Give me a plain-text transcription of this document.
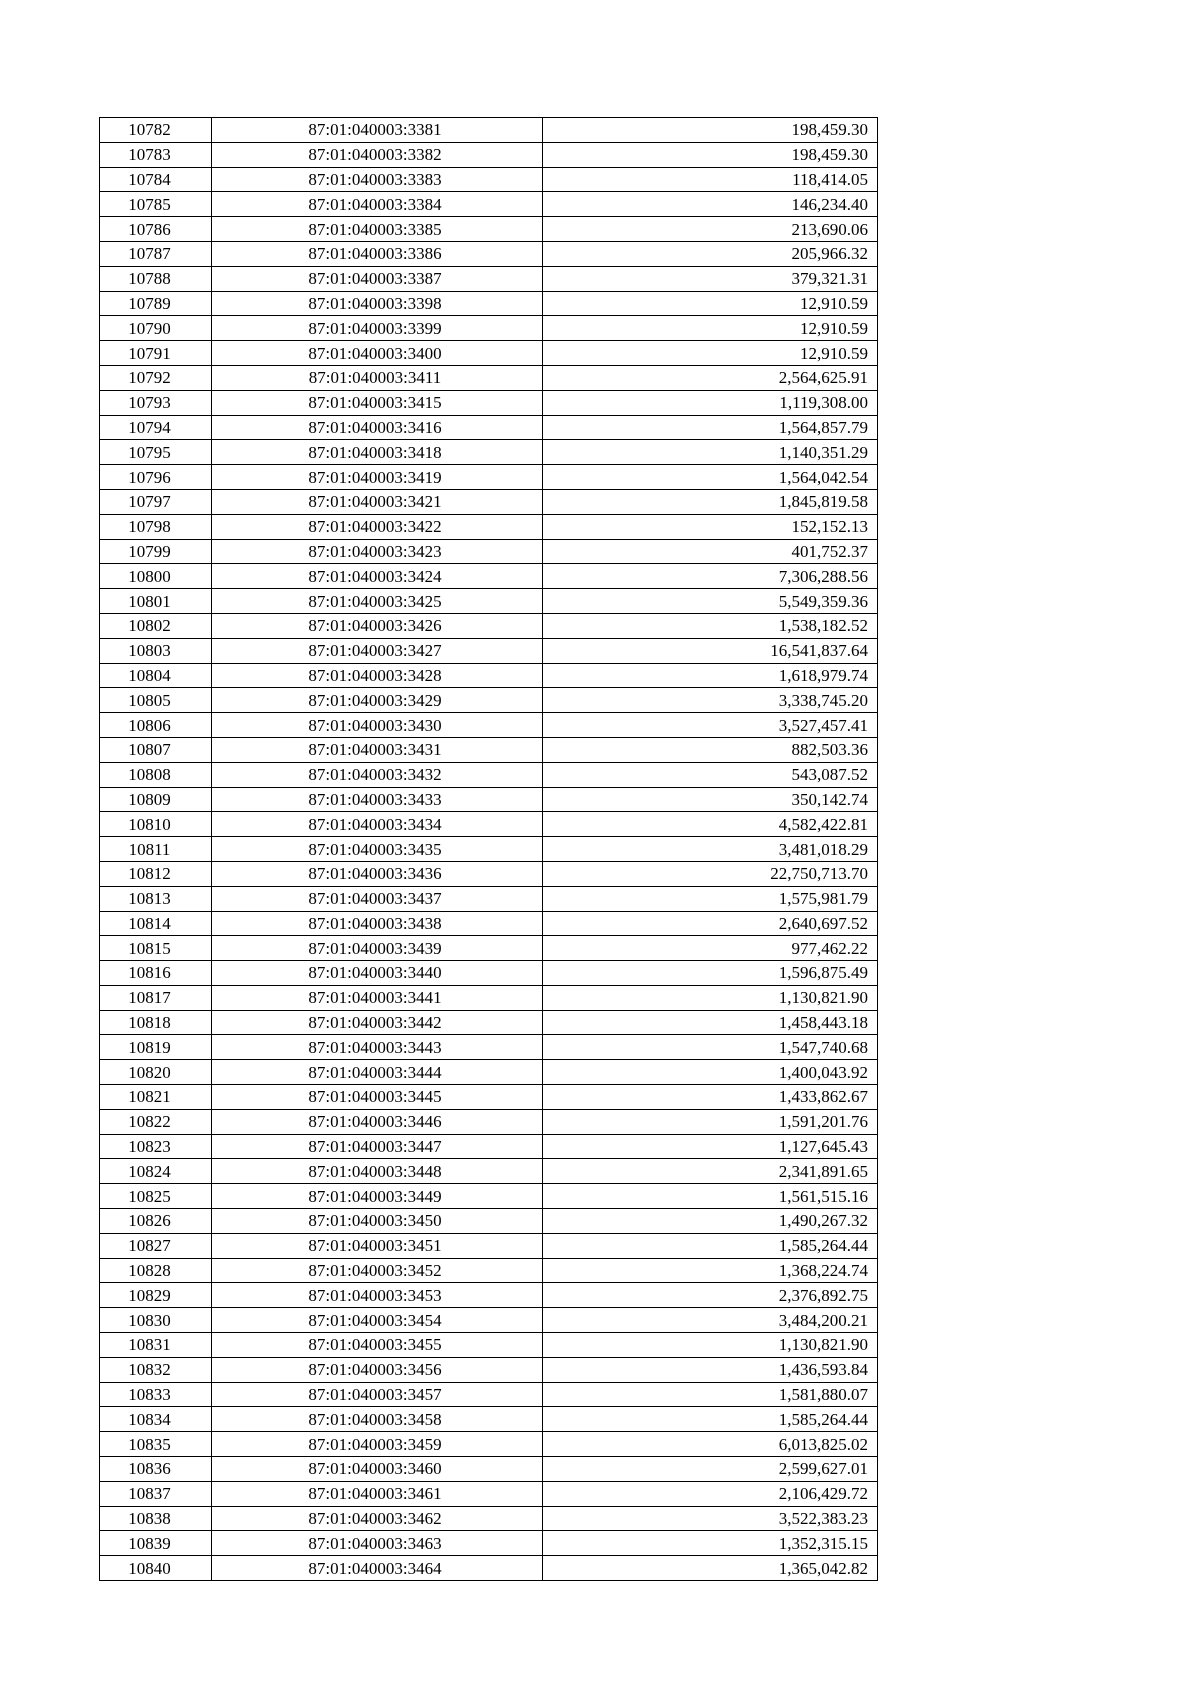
10782	87:01:040003:3381	198,459.30
10783	87:01:040003:3382	198,459.30
10784	87:01:040003:3383	118,414.05
10785	87:01:040003:3384	146,234.40
10786	87:01:040003:3385	213,690.06
10787	87:01:040003:3386	205,966.32
10788	87:01:040003:3387	379,321.31
10789	87:01:040003:3398	12,910.59
10790	87:01:040003:3399	12,910.59
10791	87:01:040003:3400	12,910.59
10792	87:01:040003:3411	2,564,625.91
10793	87:01:040003:3415	1,119,308.00
10794	87:01:040003:3416	1,564,857.79
10795	87:01:040003:3418	1,140,351.29
10796	87:01:040003:3419	1,564,042.54
10797	87:01:040003:3421	1,845,819.58
10798	87:01:040003:3422	152,152.13
10799	87:01:040003:3423	401,752.37
10800	87:01:040003:3424	7,306,288.56
10801	87:01:040003:3425	5,549,359.36
10802	87:01:040003:3426	1,538,182.52
10803	87:01:040003:3427	16,541,837.64
10804	87:01:040003:3428	1,618,979.74
10805	87:01:040003:3429	3,338,745.20
10806	87:01:040003:3430	3,527,457.41
10807	87:01:040003:3431	882,503.36
10808	87:01:040003:3432	543,087.52
10809	87:01:040003:3433	350,142.74
10810	87:01:040003:3434	4,582,422.81
10811	87:01:040003:3435	3,481,018.29
10812	87:01:040003:3436	22,750,713.70
10813	87:01:040003:3437	1,575,981.79
10814	87:01:040003:3438	2,640,697.52
10815	87:01:040003:3439	977,462.22
10816	87:01:040003:3440	1,596,875.49
10817	87:01:040003:3441	1,130,821.90
10818	87:01:040003:3442	1,458,443.18
10819	87:01:040003:3443	1,547,740.68
10820	87:01:040003:3444	1,400,043.92
10821	87:01:040003:3445	1,433,862.67
10822	87:01:040003:3446	1,591,201.76
10823	87:01:040003:3447	1,127,645.43
10824	87:01:040003:3448	2,341,891.65
10825	87:01:040003:3449	1,561,515.16
10826	87:01:040003:3450	1,490,267.32
10827	87:01:040003:3451	1,585,264.44
10828	87:01:040003:3452	1,368,224.74
10829	87:01:040003:3453	2,376,892.75
10830	87:01:040003:3454	3,484,200.21
10831	87:01:040003:3455	1,130,821.90
10832	87:01:040003:3456	1,436,593.84
10833	87:01:040003:3457	1,581,880.07
10834	87:01:040003:3458	1,585,264.44
10835	87:01:040003:3459	6,013,825.02
10836	87:01:040003:3460	2,599,627.01
10837	87:01:040003:3461	2,106,429.72
10838	87:01:040003:3462	3,522,383.23
10839	87:01:040003:3463	1,352,315.15
10840	87:01:040003:3464	1,365,042.82
